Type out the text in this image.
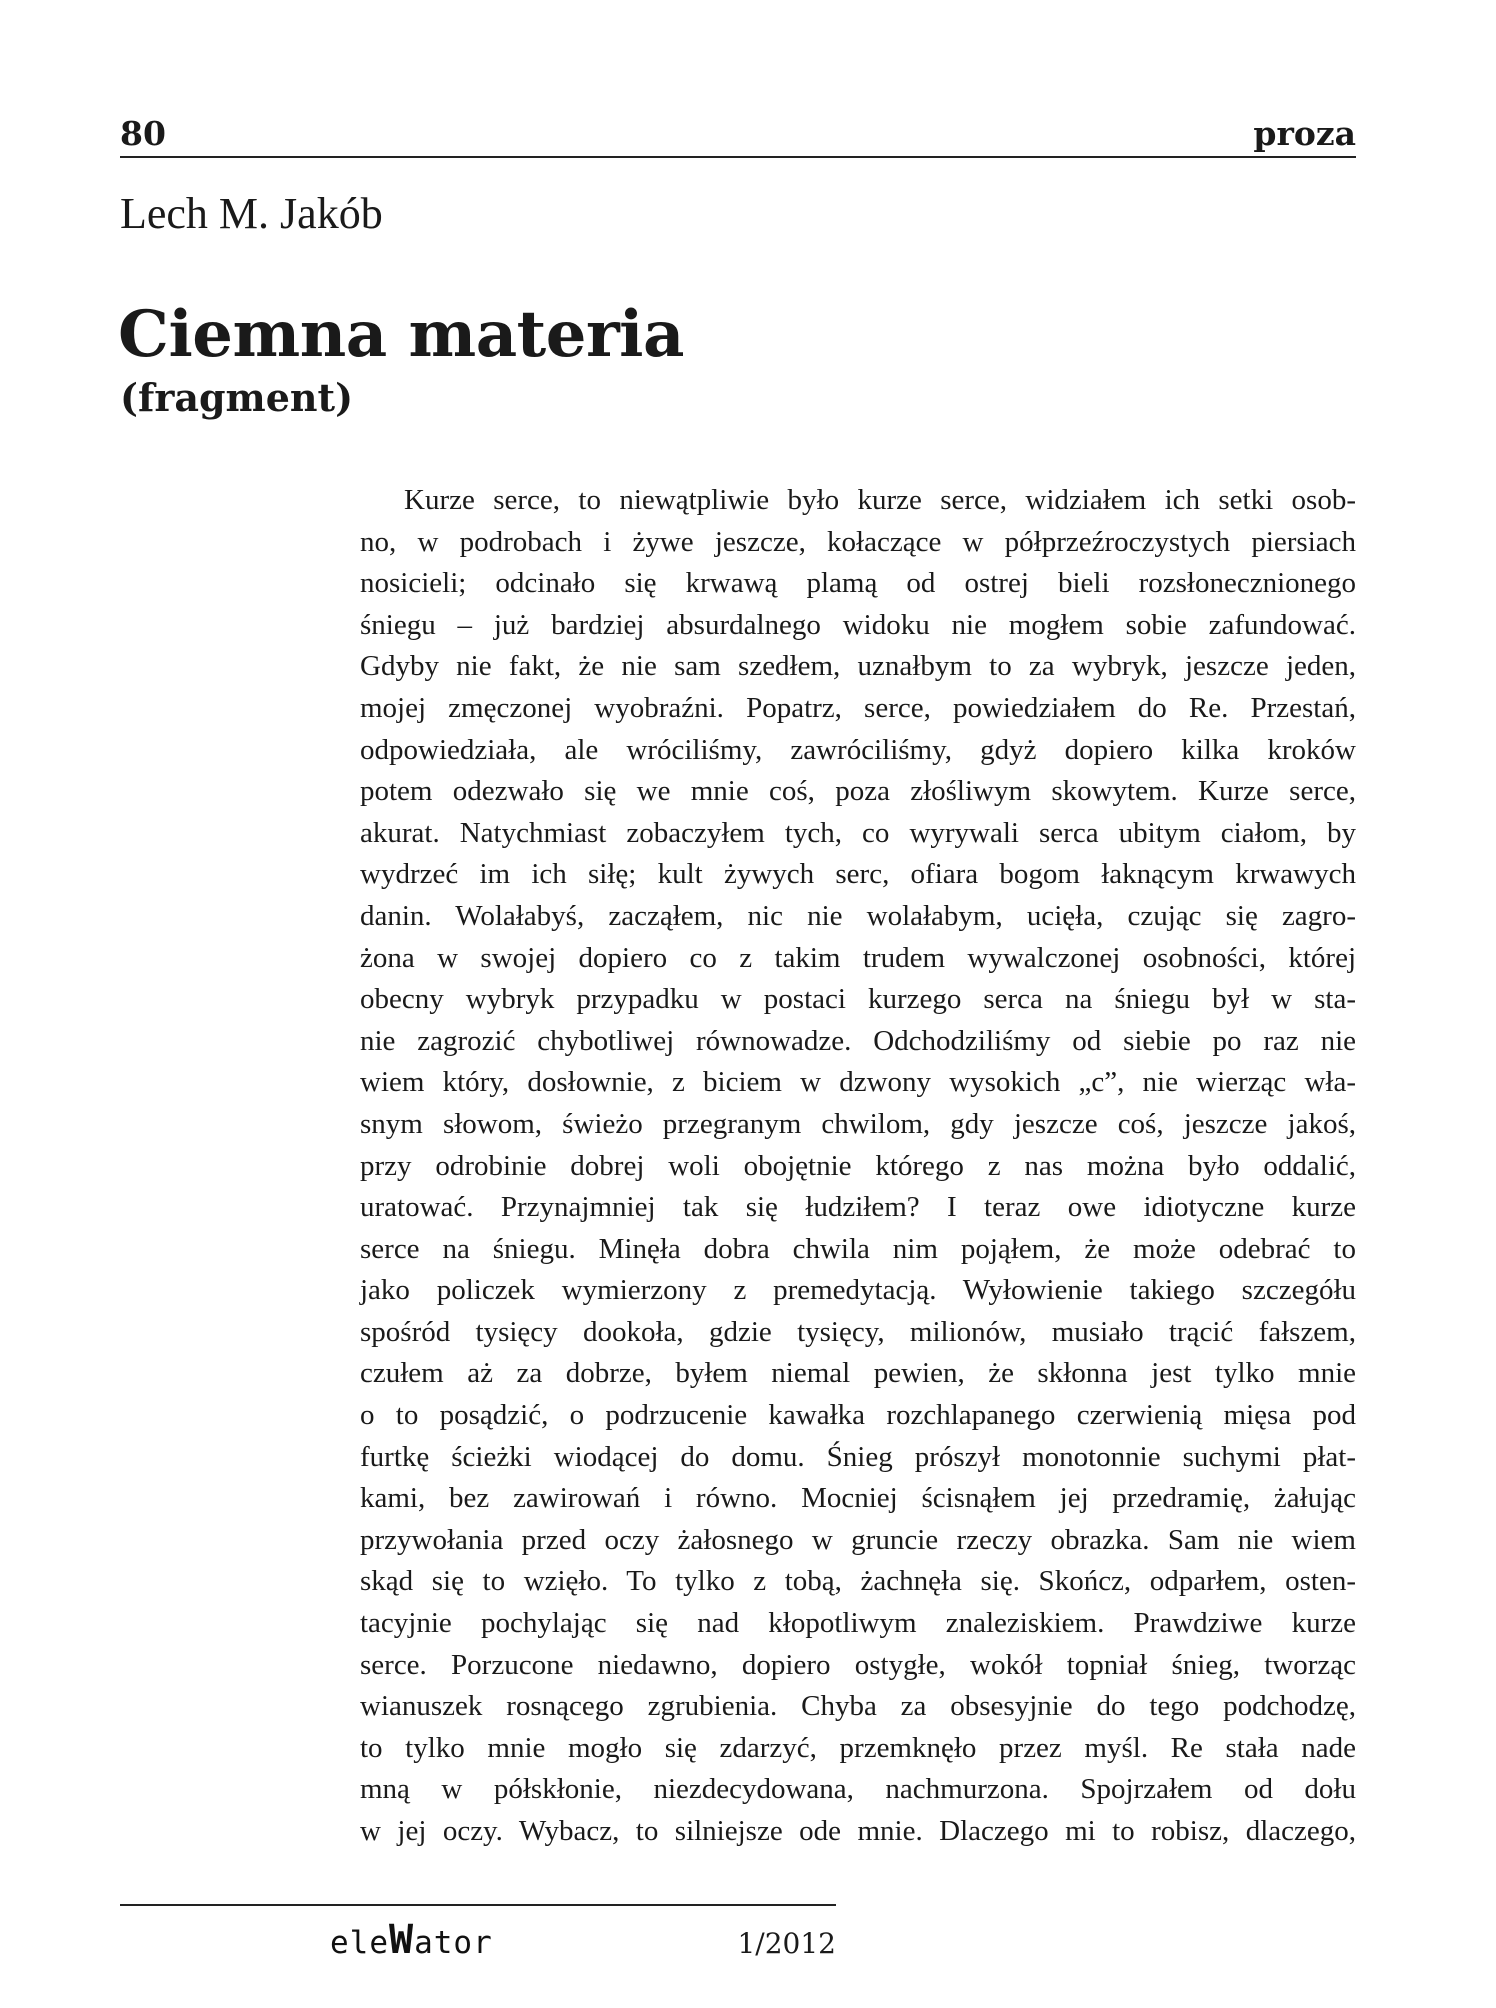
80	proza
Lech M. Jakób
Ciemna materia
(fragment)
Kurze serce, to niewątpliwie było kurze serce, widziałem ich setki osob-
no, w podrobach i żywe jeszcze, kołaczące w półprzeźroczystych piersiach
nosicieli; odcinało się krwawą plamą od ostrej bieli rozsłonecznionego
śniegu – już bardziej absurdalnego widoku nie mogłem sobie zafundować.
Gdyby nie fakt, że nie sam szedłem, uznałbym to za wybryk, jeszcze jeden,
mojej zmęczonej wyobraźni. Popatrz, serce, powiedziałem do Re. Przestań,
odpowiedziała, ale wróciliśmy, zawróciliśmy, gdyż dopiero kilka kroków
potem odezwało się we mnie coś, poza złośliwym skowytem. Kurze serce,
akurat. Natychmiast zobaczyłem tych, co wyrywali serca ubitym ciałom, by
wydrzeć im ich siłę; kult żywych serc, ofiara bogom łaknącym krwawych
danin. Wolałabyś, zacząłem, nic nie wolałabym, ucięła, czując się zagro-
żona w swojej dopiero co z takim trudem wywalczonej osobności, której
obecny wybryk przypadku w postaci kurzego serca na śniegu był w sta-
nie zagrozić chybotliwej równowadze. Odchodziliśmy od siebie po raz nie
wiem który, dosłownie, z biciem w dzwony wysokich „c”, nie wierząc wła-
snym słowom, świeżo przegranym chwilom, gdy jeszcze coś, jeszcze jakoś,
przy odrobinie dobrej woli obojętnie którego z nas można było oddalić,
uratować. Przynajmniej tak się łudziłem? I teraz owe idiotyczne kurze
serce na śniegu. Minęła dobra chwila nim pojąłem, że może odebrać to
jako policzek wymierzony z premedytacją. Wyłowienie takiego szczegółu
spośród tysięcy dookoła, gdzie tysięcy, milionów, musiało trącić fałszem,
czułem aż za dobrze, byłem niemal pewien, że skłonna jest tylko mnie
o to posądzić, o podrzucenie kawałka rozchlapanego czerwienią mięsa pod
furtkę ścieżki wiodącej do domu. Śnieg prószył monotonnie suchymi płat-
kami, bez zawirowań i równo. Mocniej ścisnąłem jej przedramię, żałując
przywołania przed oczy żałosnego w gruncie rzeczy obrazka. Sam nie wiem
skąd się to wzięło. To tylko z tobą, żachnęła się. Skończ, odparłem, osten-
tacyjnie pochylając się nad kłopotliwym znaleziskiem. Prawdziwe kurze
serce. Porzucone niedawno, dopiero ostygłe, wokół topniał śnieg, tworząc
wianuszek rosnącego zgrubienia. Chyba za obsesyjnie do tego podchodzę,
to tylko mnie mogło się zdarzyć, przemknęło przez myśl. Re stała nade
mną w półskłonie, niezdecydowana, nachmurzona. Spojrzałem od dołu
w jej oczy. Wybacz, to silniejsze ode mnie. Dlaczego mi to robisz, dlaczego,
eleWator	1/2012
